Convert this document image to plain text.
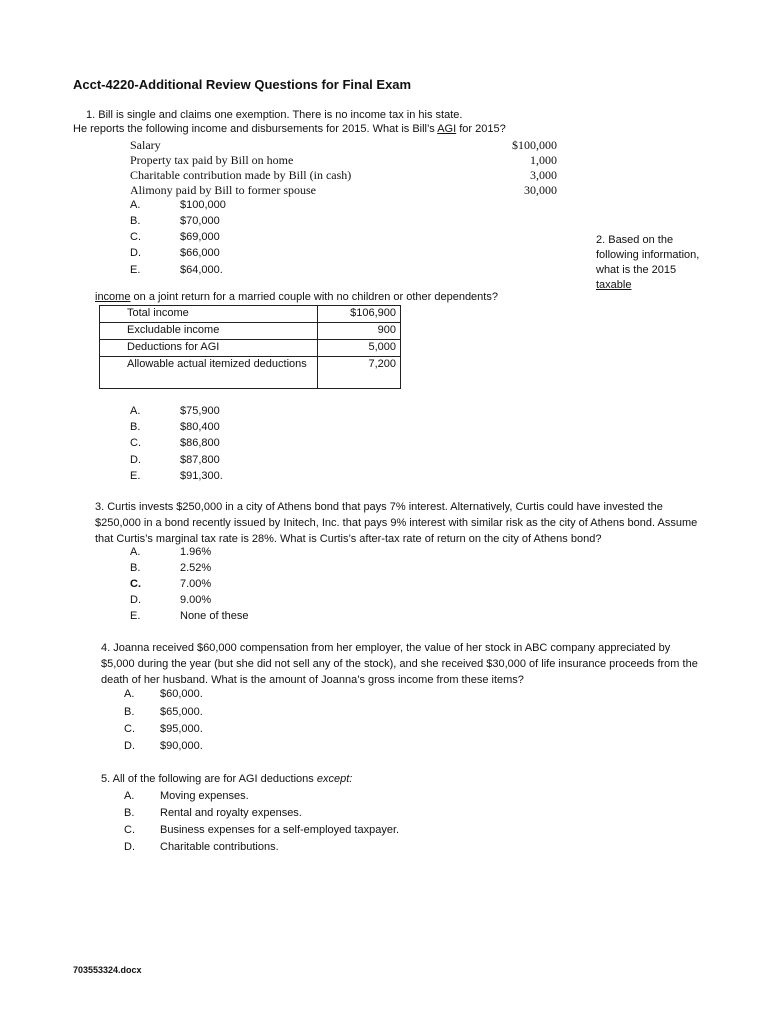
Acct-4220-Additional Review Questions for Final Exam
1. Bill is single and claims one exemption. There is no income tax in his state.
He reports the following income and disbursements for 2015. What is Bill’s AGI for 2015?
Salary	$100,000
Property tax paid by Bill on home	1,000
Charitable contribution made by Bill (in cash)	3,000
Alimony paid by Bill to former spouse	30,000
A.	$100,000
B.	$70,000
C.	$69,000
D.	$66,000
E.	$64,000.
2. Based on the following information, what is the 2015 taxable
income on a joint return for a married couple with no children or other dependents?
Total income	$106,900
Excludable income	900
Deductions for AGI	5,000
Allowable actual itemized deductions	7,200
A.	$75,900
B.	$80,400
C.	$86,800
D.	$87,800
E.	$91,300.
3. Curtis invests $250,000 in a city of Athens bond that pays 7% interest. Alternatively, Curtis could have invested the $250,000 in a bond recently issued by Initech, Inc. that pays 9% interest with similar risk as the city of Athens bond. Assume that Curtis’s marginal tax rate is 28%. What is Curtis’s after-tax rate of return on the city of Athens bond?
A.	1.96%
B.	2.52%
C.	7.00%
D.	9.00%
E.	None of these
4. Joanna received $60,000 compensation from her employer, the value of her stock in ABC company appreciated by $5,000 during the year (but she did not sell any of the stock), and she received $30,000 of life insurance proceeds from the death of her husband. What is the amount of Joanna’s gross income from these items?
A. $60,000.
B. $65,000.
C. $95,000.
D. $90,000.
5. All of the following are for AGI deductions except:
A. Moving expenses.
B. Rental and royalty expenses.
C. Business expenses for a self-employed taxpayer.
D. Charitable contributions.
703553324.docx
